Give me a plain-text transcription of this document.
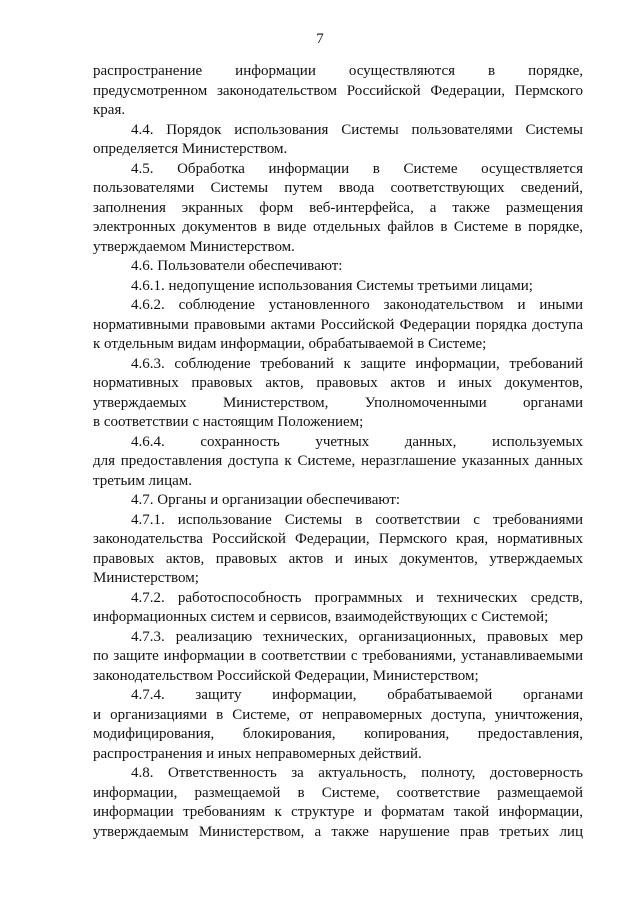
7

распространение информации осуществляются в порядке,
предусмотренном законодательством Российской Федерации, Пермского
края.

4.4. Порядок использования Системы пользователями Системы
определяется Министерством.

4.5. Обработка информации в Системе осуществляется
пользователями Системы путем ввода соответствующих сведений,
заполнения экранных форм веб-интерфейса, а также размещения
электронных документов в виде отдельных файлов в Системе в порядке,
утверждаемом Министерством.

4.6. Пользователи обеспечивают:

4.6.1. недопущение использования Системы третьими лицами;

4.6.2. соблюдение установленного законодательством и иными
нормативными правовыми актами Российской Федерации порядка доступа
к отдельным видам информации, обрабатываемой в Системе;

4.6.3. соблюдение требований к защите информации, требований
нормативных правовых актов, правовых актов и иных документов,
утверждаемых Министерством, Уполномоченными органами
в соответствии с настоящим Положением;

4.6.4. сохранность учетных данных, используемых
для предоставления доступа к Системе, неразглашение указанных данных
третьим лицам.

4.7. Органы и организации обеспечивают:

4.7.1. использование Системы в соответствии с требованиями
законодательства Российской Федерации, Пермского края, нормативных
правовых актов, правовых актов и иных документов, утверждаемых
Министерством;

4.7.2. работоспособность программных и технических средств,
информационных систем и сервисов, взаимодействующих с Системой;

4.7.3. реализацию технических, организационных, правовых мер
по защите информации в соответствии с требованиями, устанавливаемыми
законодательством Российской Федерации, Министерством;

4.7.4. защиту информации, обрабатываемой органами
и организациями в Системе, от неправомерных доступа, уничтожения,
модифицирования, блокирования, копирования, предоставления,
распространения и иных неправомерных действий.

4.8. Ответственность за актуальность, полноту, достоверность
информации, размещаемой в Системе, соответствие размещаемой
информации требованиям к структуре и форматам такой информации,
утверждаемым Министерством, а также нарушение прав третьих лиц
